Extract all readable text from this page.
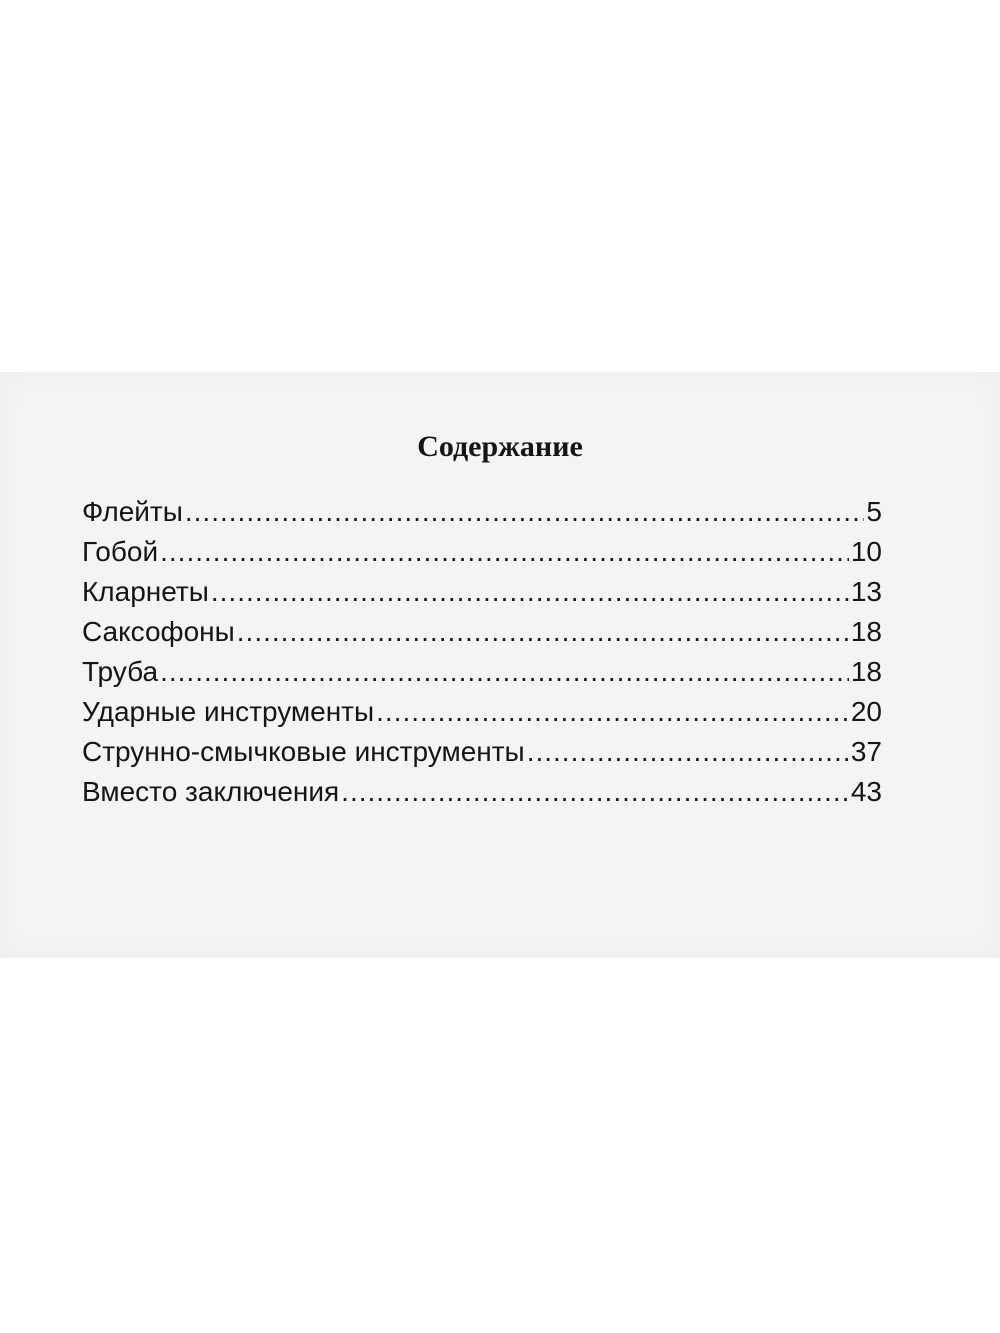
Содержание
Флейты .....	5
Гобой .....	10
Кларнеты .....	13
Саксофоны .....	18
Труба .....	18
Ударные инструменты .....	20
Струнно-смычковые инструменты .....	37
Вместо заключения .....	43
